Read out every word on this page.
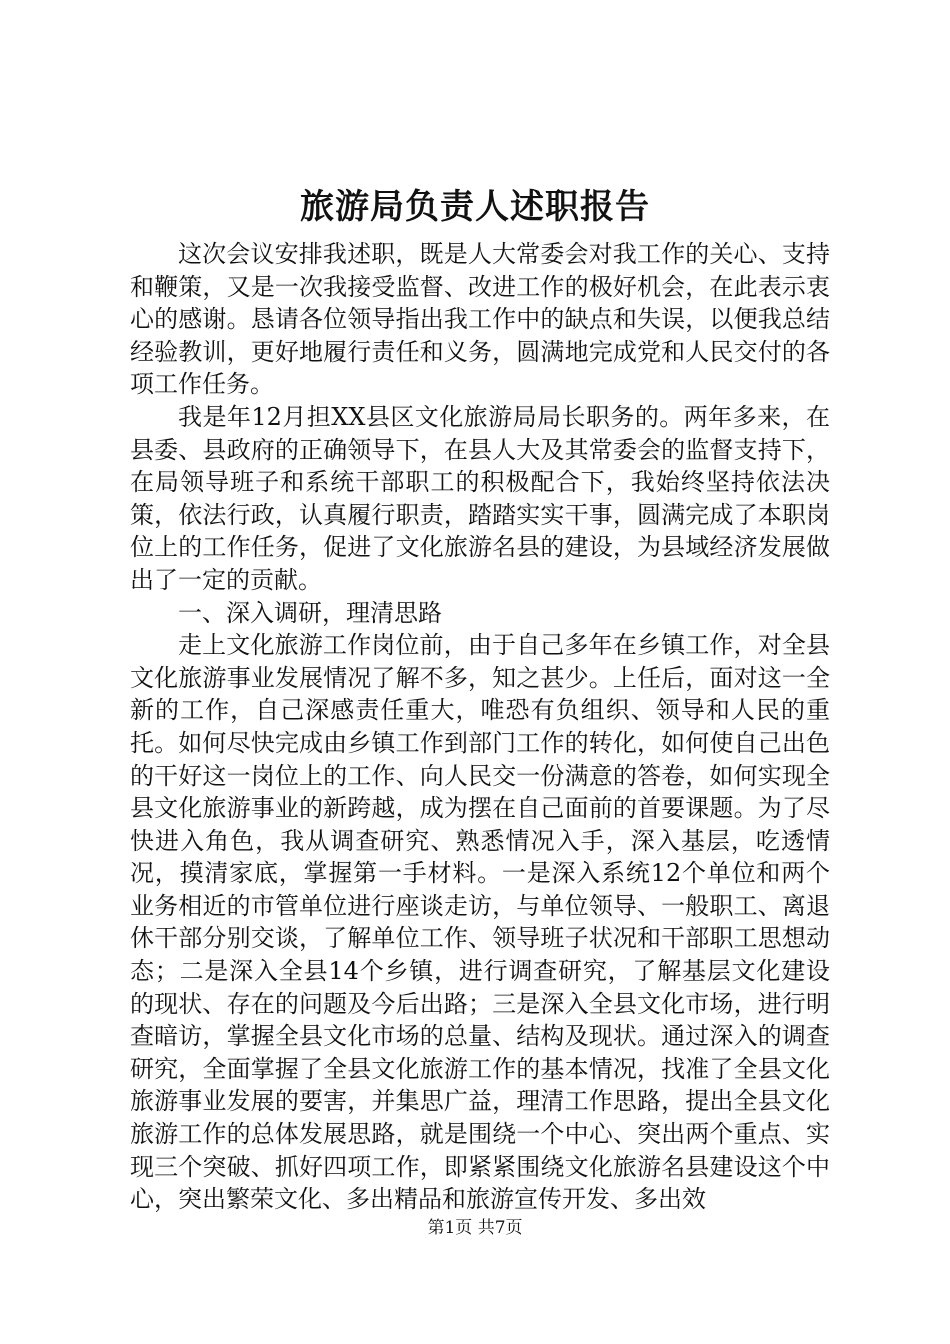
旅游局负责人述职报告

这次会议安排我述职，既是人大常委会对我工作的关心、支持和鞭策，又是一次我接受监督、改进工作的极好机会，在此表示衷心的感谢。恳请各位领导指出我工作中的缺点和失误，以便我总结经验教训，更好地履行责任和义务，圆满地完成党和人民交付的各项工作任务。

我是年12月担XX县区文化旅游局局长职务的。两年多来，在县委、县政府的正确领导下，在县人大及其常委会的监督支持下，在局领导班子和系统干部职工的积极配合下，我始终坚持依法决策，依法行政，认真履行职责，踏踏实实干事，圆满完成了本职岗位上的工作任务，促进了文化旅游名县的建设，为县域经济发展做出了一定的贡献。

一、深入调研，理清思路

走上文化旅游工作岗位前，由于自己多年在乡镇工作，对全县文化旅游事业发展情况了解不多，知之甚少。上任后，面对这一全新的工作，自己深感责任重大，唯恐有负组织、领导和人民的重托。如何尽快完成由乡镇工作到部门工作的转化，如何使自己出色的干好这一岗位上的工作、向人民交一份满意的答卷，如何实现全县文化旅游事业的新跨越，成为摆在自己面前的首要课题。为了尽快进入角色，我从调查研究、熟悉情况入手，深入基层，吃透情况，摸清家底，掌握第一手材料。一是深入系统12个单位和两个业务相近的市管单位进行座谈走访，与单位领导、一般职工、离退休干部分别交谈，了解单位工作、领导班子状况和干部职工思想动态；二是深入全县14个乡镇，进行调查研究，了解基层文化建设的现状、存在的问题及今后出路；三是深入全县文化市场，进行明查暗访，掌握全县文化市场的总量、结构及现状。通过深入的调查研究，全面掌握了全县文化旅游工作的基本情况，找准了全县文化旅游事业发展的要害，并集思广益，理清工作思路，提出全县文化旅游工作的总体发展思路，就是围绕一个中心、突出两个重点、实现三个突破、抓好四项工作，即紧紧围绕文化旅游名县建设这个中心，突出繁荣文化、多出精品和旅游宣传开发、多出效

第1页 共7页
